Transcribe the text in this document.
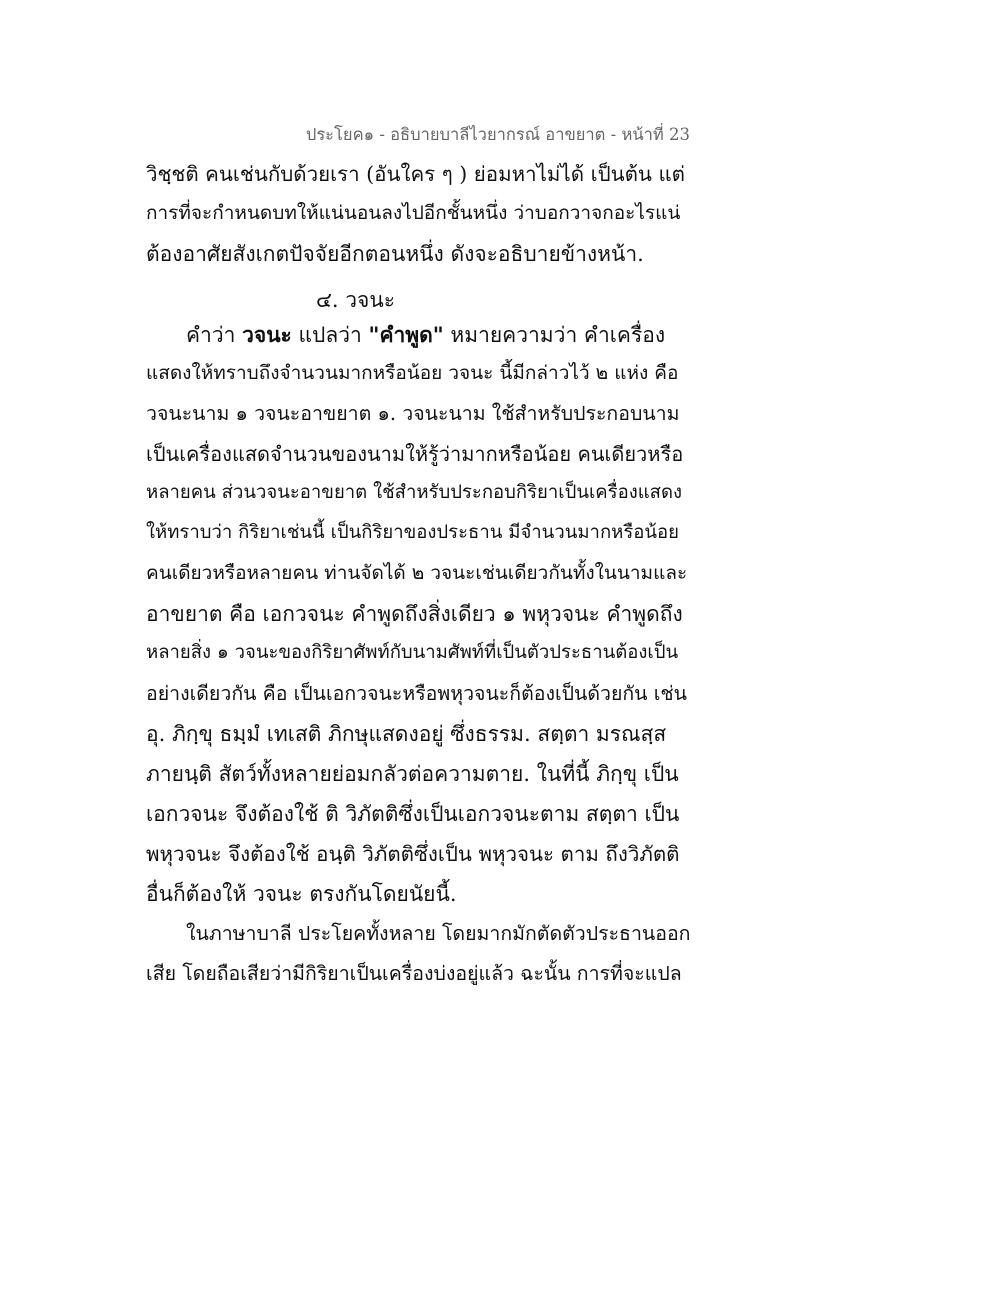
ประโยค๑ - อธิบายบาลีไวยากรณ์ อาขยาต - หน้าที่ 23
วิชฺชติ คนเช่นกับด้วยเรา (อันใคร ๆ ) ย่อมหาไม่ได้ เป็นต้น แต่
การที่จะกำหนดบทให้แน่นอนลงไปอีกชั้นหนึ่ง ว่าบอกวาจกอะไรแน่
ต้องอาศัยสังเกตปัจจัยอีกตอนหนึ่ง ดังจะอธิบายข้างหน้า.
๔. วจนะ
คำว่า วจนะ แปลว่า "คำพูด" หมายความว่า คำเครื่อง
แสดงให้ทราบถึงจำนวนมากหรือน้อย วจนะ นี้มีกล่าวไว้ ๒ แห่ง คือ
วจนะนาม ๑ วจนะอาขยาต ๑. วจนะนาม ใช้สำหรับประกอบนาม
เป็นเครื่องแสดจำนวนของนามให้รู้ว่ามากหรือน้อย คนเดียวหรือ
หลายคน ส่วนวจนะอาขยาต ใช้สำหรับประกอบกิริยาเป็นเครื่องแสดง
ให้ทราบว่า กิริยาเช่นนี้ เป็นกิริยาของประธาน มีจำนวนมากหรือน้อย
คนเดียวหรือหลายคน ท่านจัดได้ ๒ วจนะเช่นเดียวกันทั้งในนามและ
อาขยาต คือ เอกวจนะ คำพูดถึงสิ่งเดียว ๑ พหุวจนะ คำพูดถึง
หลายสิ่ง ๑ วจนะของกิริยาศัพท์กับนามศัพท์ที่เป็นตัวประธานต้องเป็น
อย่างเดียวกัน คือ เป็นเอกวจนะหรือพหุวจนะก็ต้องเป็นด้วยกัน เช่น
อุ. ภิกฺขุ ธมฺมํ เทเสติ ภิกษุแสดงอยู่ ซึ่งธรรม. สตฺตา มรณสฺส
ภายนฺติ สัตว์ทั้งหลายย่อมกลัวต่อความตาย. ในที่นี้ ภิกฺขุ เป็น
เอกวจนะ จึงต้องใช้ ติ วิภัตติซึ่งเป็นเอกวจนะตาม สตฺตา เป็น
พหุวจนะ จึงต้องใช้ อนฺติ วิภัตติซึ่งเป็น พหุวจนะ ตาม ถึงวิภัตติ
อื่นก็ต้องให้ วจนะ ตรงกันโดยนัยนี้.
ในภาษาบาลี ประโยคทั้งหลาย โดยมากมักตัดตัวประธานออก
เสีย โดยถือเสียว่ามีกิริยาเป็นเครื่องบ่งอยู่แล้ว ฉะนั้น การที่จะแปล
